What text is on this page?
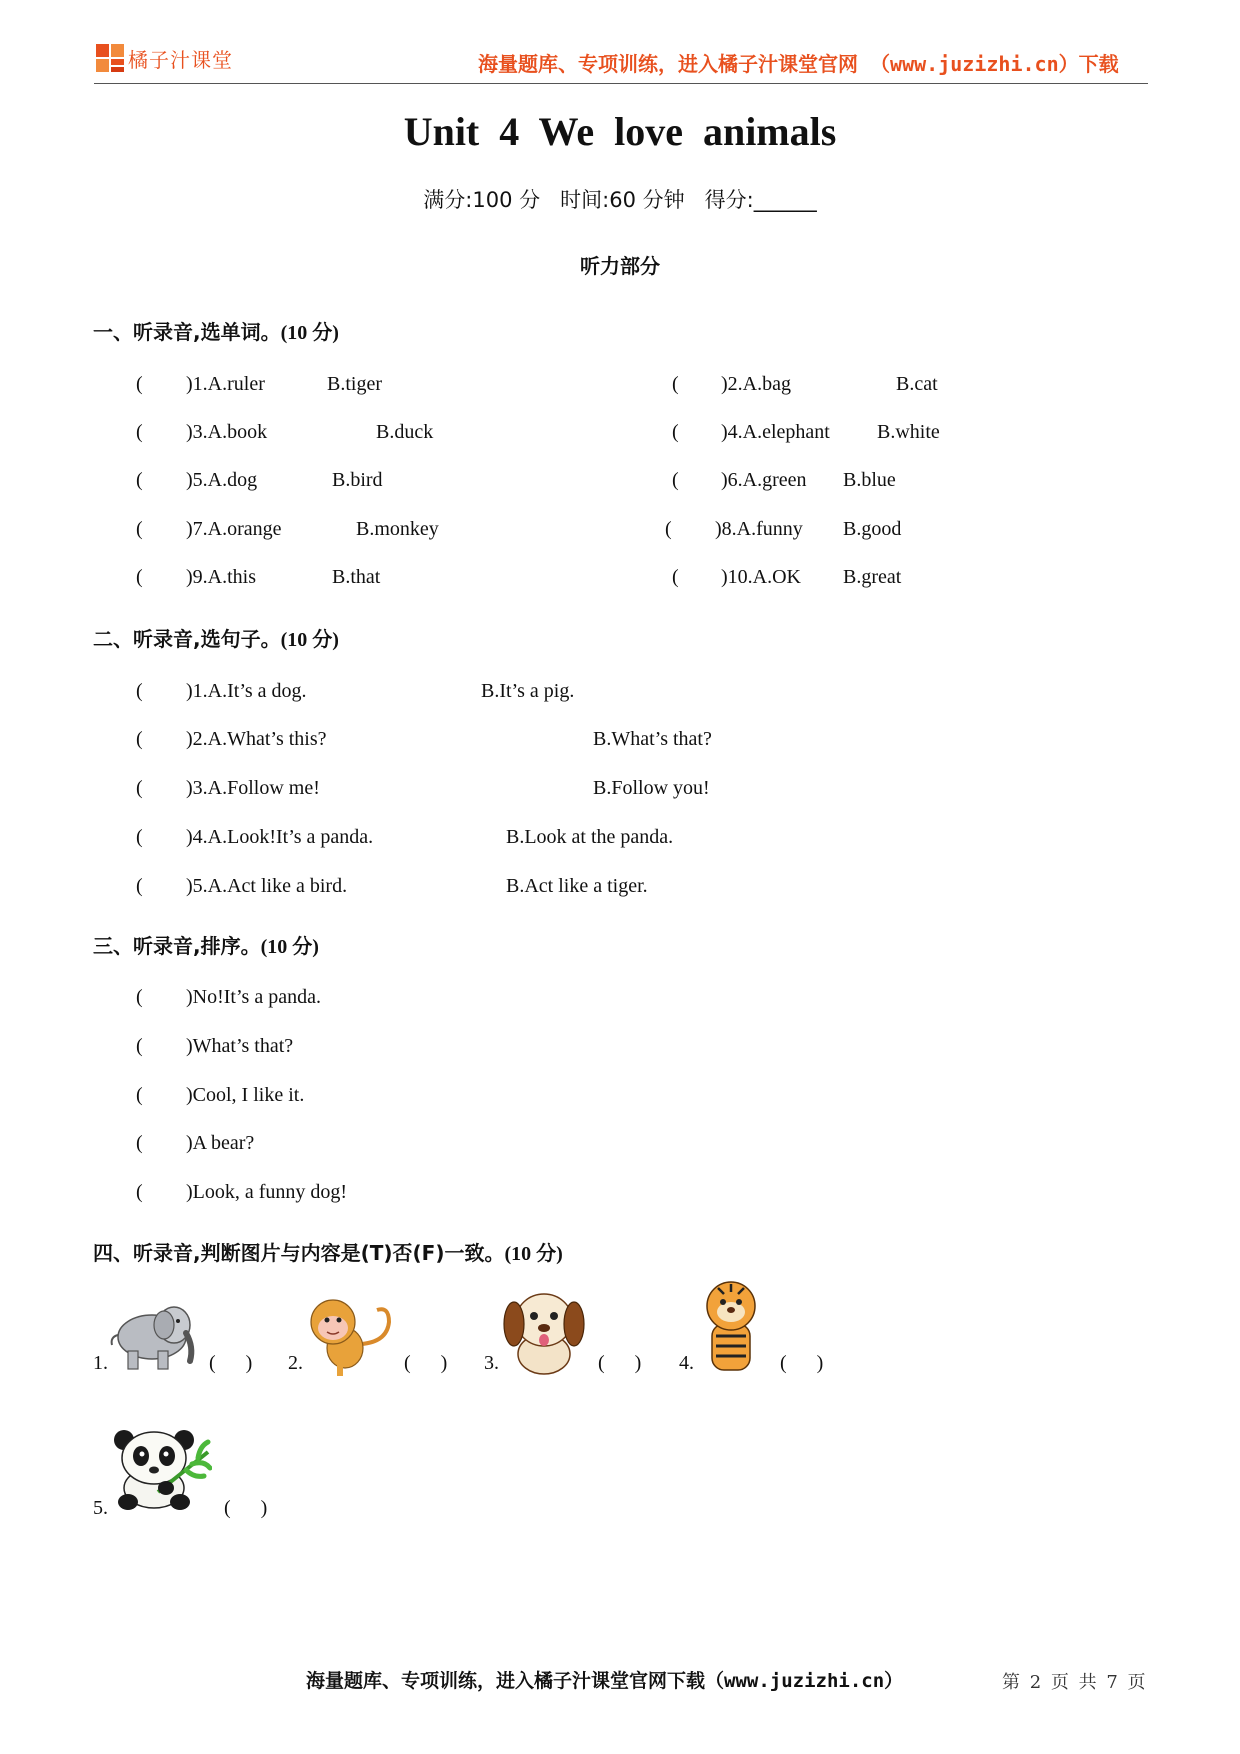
橘子汁课堂	海量题库、专项训练，进入橘子汁课堂官网 （www.juzizhi.cn）下载
Unit 4 We love animals
满分:100 分   时间:60 分钟   得分:______
听力部分
一、听录音,选单词。(10 分)
( )1.A.ruler	B.tiger	( )2.A.bag	B.cat
( )3.A.book	B.duck	( )4.A.elephant B.white
( )5.A.dog	B.bird	( )6.A.green B.blue
( )7.A.orange	B.monkey	( )8.A.funny B.good
( )9.A.this	B.that	( )10.A.OK B.great
二、听录音,选句子。(10 分)
( )1.A.It’s a dog.	B.It’s a pig.
( )2.A.What’s this?	B.What’s that?
( )3.A.Follow me!	B.Follow you!
( )4.A.Look!It’s a panda.	B.Look at the panda.
( )5.A.Act like a bird.	B.Act like a tiger.
三、听录音,排序。(10 分)
( )No!It’s a panda.
( )What’s that?
( )Cool, I like it.
( )A bear?
( )Look, a funny dog!
四、听录音,判断图片与内容是(T)否(F)一致。(10 分)
1.	(      ) 2.	(      ) 3.	(      ) 4.	(      )
5.	(      )
海量题库、专项训练，进入橘子汁课堂官网下载（www.juzizhi.cn）	第 2 页 共 7 页
